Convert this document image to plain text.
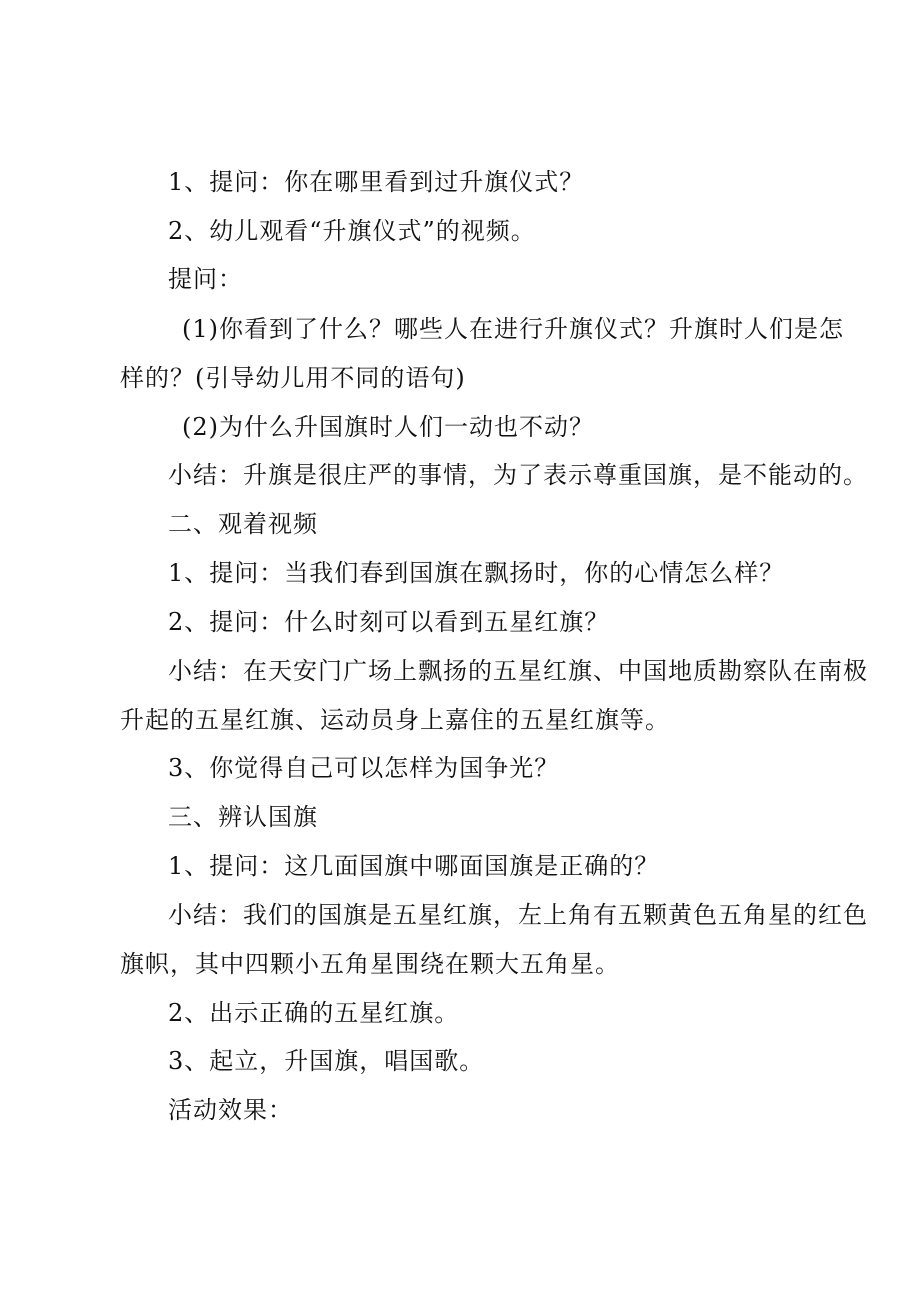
1、提问：你在哪里看到过升旗仪式？
2、幼儿观看“升旗仪式”的视频。
提问：
(1)你看到了什么？哪些人在进行升旗仪式？升旗时人们是怎
样的？(引导幼儿用不同的语句)
(2)为什么升国旗时人们一动也不动？
小结：升旗是很庄严的事情，为了表示尊重国旗，是不能动的。
二、观着视频
1、提问：当我们春到国旗在飘扬时，你的心情怎么样？
2、提问：什么时刻可以看到五星红旗？
小结：在天安门广场上飘扬的五星红旗、中国地质勘察队在南极
升起的五星红旗、运动员身上嘉住的五星红旗等。
3、你觉得自己可以怎样为国争光？
三、辨认国旗
1、提问：这几面国旗中哪面国旗是正确的？
小结：我们的国旗是五星红旗，左上角有五颗黄色五角星的红色
旗帜，其中四颗小五角星围绕在颗大五角星。
2、出示正确的五星红旗。
3、起立，升国旗，唱国歌。
活动效果：
